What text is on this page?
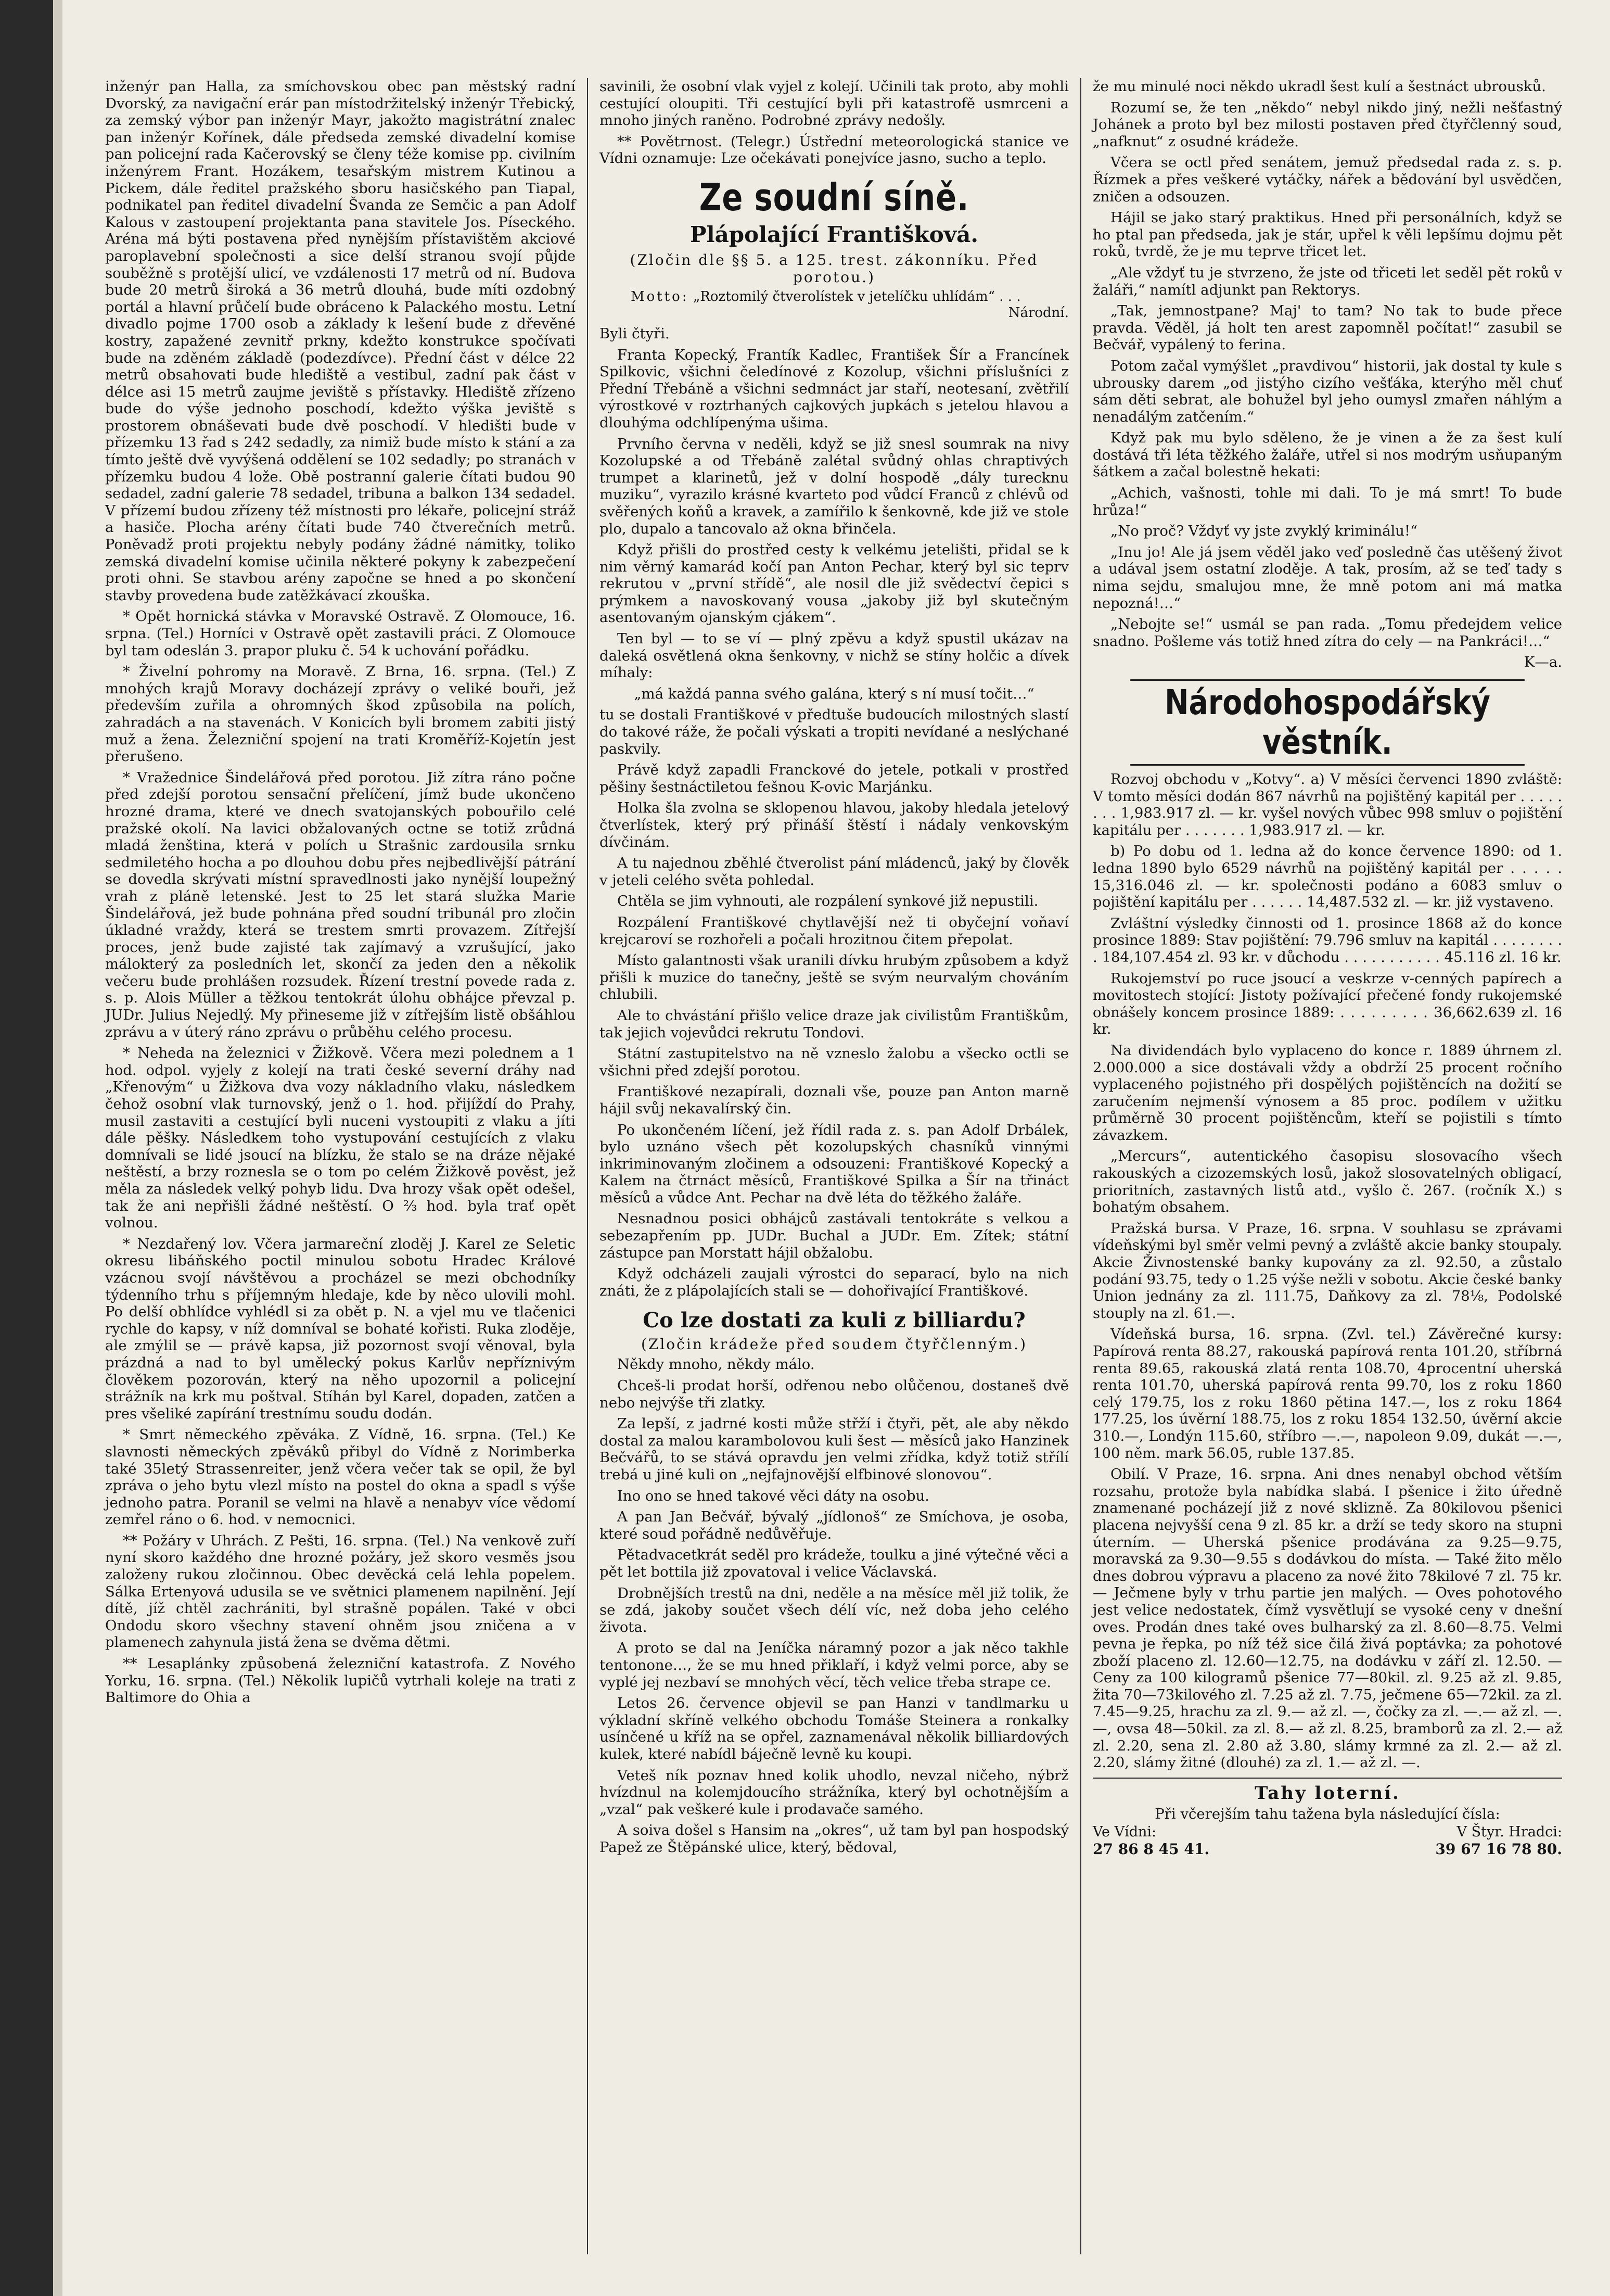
inženýr pan Halla, za smíchovskou obec pan městský radní Dvorský, za navigační erár pan místodržitelský inženýr Třebický, za zemský výbor pan inženýr Mayr, jakožto magistrátní znalec pan inženýr Kořínek, dále předseda zemské divadelní komise pan policejní rada Kačerovský se členy téže komise pp. civilním inženýrem Frant. Hozákem, tesařským mistrem Kutinou a Pickem, dále ředitel pražského sboru hasičského pan Tiapal, podnikatel pan ředitel divadelní Švanda ze Semčic a pan Adolf Kalous v zastoupení projektanta pana stavitele Jos. Píseckého. Aréna má býti postavena před nynějším přístavištěm akciové paroplavební společnosti a sice delší stranou svojí půjde souběžně s protější ulicí, ve vzdálenosti 17 metrů od ní. Budova bude 20 metrů široká a 36 metrů dlouhá, bude míti ozdobný portál a hlavní průčelí bude obráceno k Palackého mostu. Letní divadlo pojme 1700 osob a základy k lešení bude z dřevěné kostry, zapažené zevnitř prkny, kdežto konstrukce spočívati bude na zděném základě (podezdívce). Přední část v délce 22 metrů obsahovati bude hlediště a vestibul, zadní pak část v délce asi 15 metrů zaujme jeviště s přístavky. Hlediště zřízeno bude do výše jednoho poschodí, kdežto výška jeviště s prostorem obnáševati bude dvě poschodí. V hledišti bude v přízemku 13 řad s 242 sedadly, za nimiž bude místo k stání a za tímto ještě dvě vyvýšená oddělení se 102 sedadly; po stranách v přízemku budou 4 lože. Obě postranní galerie čítati budou 90 sedadel, zadní galerie 78 sedadel, tribuna a balkon 134 sedadel. V přízemí budou zřízeny též místnosti pro lékaře, policejní stráž a hasiče. Plocha arény čítati bude 740 čtverečních metrů. Poněvadž proti projektu nebyly podány žádné námitky, toliko zemská divadelní komise učinila některé pokyny k zabezpečení proti ohni. Se stavbou arény započne se hned a po skončení stavby provedena bude zatěžkávací zkouška.

* Opět hornická stávka v Moravské Ostravě. Z Olomouce, 16. srpna. (Tel.) Horníci v Ostravě opět zastavili práci. Z Olomouce byl tam odeslán 3. prapor pluku č. 54 k uchování pořádku.

* Živelní pohromy na Moravě. Z Brna, 16. srpna. (Tel.) Z mnohých krajů Moravy docházejí zprávy o veliké bouři, jež především zuřila a ohromných škod způsobila na polích, zahradách a na stavenách. V Konicích byli bromem zabiti jistý muž a žena. Železniční spojení na trati Kroměříž-Kojetín jest přerušeno.

* Vražednice Šindelářová před porotou. Již zítra ráno počne před zdejší porotou sensační přelíčení, jímž bude ukončeno hrozné drama, které ve dnech svatojanských pobouřilo celé pražské okolí. Na lavici obžalovaných octne se totiž zrůdná mladá ženština, která v polích u Strašnic zardousila srnku sedmiletého hocha a po dlouhou dobu přes nejbedlivější pátrání se dovedla skrývati místní spravedlnosti jako nynější loupežný vrah z pláně letenské. Jest to 25 let stará služka Marie Šindelářová, jež bude pohnána před soudní tribunál pro zločin úkladné vraždy, která se trestem smrti provazem. Zítřejší proces, jenž bude zajisté tak zajímavý a vzrušující, jako málokterý za posledních let, skončí za jeden den a několik večeru bude prohlášen rozsudek. Řízení trestní povede rada z. s. p. Alois Müller a těžkou tentokrát úlohu obhájce převzal p. JUDr. Julius Nejedlý. My přineseme již v zítřejším listě obšáhlou zprávu a v úterý ráno zprávu o průběhu celého procesu.

* Neheda na železnici v Žižkově. Včera mezi polednem a 1 hod. odpol. vyjely z kolejí na trati české severní dráhy nad „Křenovým“ u Žižkova dva vozy nákladního vlaku, následkem čehož osobní vlak turnovský, jenž o 1. hod. přijíždí do Prahy, musil zastaviti a cestující byli nuceni vystoupiti z vlaku a jíti dále pěšky. Následkem toho vystupování cestujících z vlaku domnívali se lidé jsoucí na blízku, že stalo se na dráze nějaké neštěstí, a brzy roznesla se o tom po celém Žižkově pověst, jež měla za následek velký pohyb lidu. Dva hrozy však opět odešel, tak že ani nepřišli žádné neštěstí. O ⅔ hod. byla trať opět volnou.

* Nezdařený lov. Včera jarmareční zloděj J. Karel ze Seletic okresu libáňského poctil minulou sobotu Hradec Králové vzácnou svojí návštěvou a procházel se mezi obchodníky týdenního trhu s příjemným hledaje, kde by něco ulovili mohl. Po delší obhlídce vyhlédl si za obět p. N. a vjel mu ve tlačenici rychle do kapsy, v níž domníval se bohaté kořisti. Ruka zloděje, ale zmýlil se — právě kapsa, již pozornost svojí věnoval, byla prázdná a nad to byl umělecký pokus Karlův nepříznivým člověkem pozorován, který na něho upozornil a policejní strážník na krk mu poštval. Stíhán byl Karel, dopaden, zatčen a pres všeliké zapírání trestnímu soudu dodán.

* Smrt německého zpěváka. Z Vídně, 16. srpna. (Tel.) Ke slavnosti německých zpěváků přibyl do Vídně z Norimberka také 35letý Strassenreiter, jenž včera večer tak se opil, že byl zpráva o jeho bytu vlezl místo na postel do okna a spadl s výše jednoho patra. Poranil se velmi na hlavě a nenabyv více vědomí zemřel ráno o 6. hod. v nemocnici.

** Požáry v Uhrách. Z Pešti, 16. srpna. (Tel.) Na venkově zuří nyní skoro každého dne hrozné požáry, jež skoro vesměs jsou založeny rukou zločinnou. Obec devěcká celá lehla popelem. Sálka Ertenyová udusila se ve světnici plamenem napilnění. Její dítě, jíž chtěl zachrániti, byl strašně popálen. Také v obci Ondodu skoro všechny stavení ohněm jsou zničena a v plamenech zahynula jistá žena se dvěma dětmi.

** Lesaplánky způsobená železniční katastrofa. Z Nového Yorku, 16. srpna. (Tel.) Několik lupičů vytrhali koleje na trati z Baltimore do Ohia a

savinili, že osobní vlak vyjel z kolejí. Učinili tak proto, aby mohli cestující oloupiti. Tři cestující byli při katastrofě usmrceni a mnoho jiných raněno. Podrobné zprávy nedošly.

** Povětrnost. (Telegr.) Ústřední meteorologická stanice ve Vídni oznamuje: Lze očekávati ponejvíce jasno, sucho a teplo.

Ze soudní síně.
Plápolající Františková.
(Zločin dle §§ 5. a 125. trest. zákonníku. Před porotou.)
Motto: „Roztomilý čtverolístek v jetelíčku uhlídám“ . . .
Národní.

Byli čtyři.

Franta Kopecký, Frantík Kadlec, František Šír a Francínek Spilkovic, všichni čeledínové z Kozolup, všichni příslušníci z Přední Třebáně a všichni sedmnáct jar staří, neotesaní, zvětřilí výrostkové v roztrhaných cajkových jupkách s jetelou hlavou a dlouhýma odchlípenýma ušima.

Prvního června v neděli, když se již snesl soumrak na nivy Kozolupské a od Třebáně zalétal svůdný ohlas chraptivých trumpet a klarinetů, jež v dolní hospodě „dály turecknu muziku“, vyrazilo krásné kvarteto pod vůdcí Franců z chlévů od svěřených koňů a kravek, a zamířilo k šenkovně, kde již ve stole plo, dupalo a tancovalo až okna břinčela.

Když přišli do prostřed cesty k velkému jetelišti, přidal se k nim věrný kamarád kočí pan Anton Pechar, který byl sic teprv rekrutou v „první střídě“, ale nosil dle již svědectví čepici s prýmkem a navoskovaný vousa „jakoby již byl skutečným asentovaným ojanským cjákem“.

Ten byl — to se ví — plný zpěvu a když spustil ukázav na daleká osvětlená okna šenkovny, v nichž se stíny holčic a dívek míhaly:

„má každá panna svého galána, který s ní musí točit…“

tu se dostali Františkové v předtuše budoucích milostných slastí do takové ráže, že počali výskati a tropiti nevídané a neslýchané paskvily.

Právě když zapadli Franckové do jetele, potkali v prostřed pěšiny šestnáctiletou fešnou K-ovic Marjánku.

Holka šla zvolna se sklopenou hlavou, jakoby hledala jetelový čtverlístek, který prý přináší štěstí i nádaly venkovským dívčinám.

A tu najednou zběhlé čtverolist pání mládenců, jaký by člověk v jeteli celého světa pohledal.

Chtěla se jim vyhnouti, ale rozpálení synkové již nepustili.

Rozpálení Františkové chytlavější než ti obyčejní voňaví krejcaroví se rozhořeli a počali hrozitnou čitem přepolat.

Místo galantnosti však uranili dívku hrubým způsobem a když přišli k muzice do tanečny, ještě se svým neurvalým chováním chlubili.

Ale to chvástání přišlo velice draze jak civilistům Františkům, tak jejich vojevůdci rekrutu Tondovi.

Státní zastupitelstvo na ně vzneslo žalobu a všecko octli se všichni před zdejší porotou.

Františkové nezapírali, doznali vše, pouze pan Anton marně hájil svůj nekavalírský čin.

Po ukončeném líčení, jež řídil rada z. s. pan Adolf Drbálek, bylo uznáno všech pět kozolupských chasníků vinnými inkriminovaným zločinem a odsouzeni: Františkové Kopecký a Kalem na čtrnáct měsíců, Františkové Spilka a Šír na třináct měsíců a vůdce Ant. Pechar na dvě léta do těžkého žaláře.

Nesnadnou posici obhájců zastávali tentokráte s velkou a sebezapřením pp. JUDr. Buchal a JUDr. Em. Zítek; státní zástupce pan Morstatt hájil obžalobu.

Když odcházeli zaujali výrostci do separací, bylo na nich znáti, že z plápolajících stali se — dohořivající Františkové.

Co lze dostati za kuli z billiardu?
(Zločin krádeže před soudem čtyřčlenným.)

Někdy mnoho, někdy málo.

Chceš-li prodat horší, odřenou nebo olůčenou, dostaneš dvě nebo nejvýše tři zlatky.

Za lepší, z jadrné kosti může střží i čtyři, pět, ale aby někdo dostal za malou karambolovou kuli šest — měsíců jako Hanzinek Bečvářů, to se stává opravdu jen velmi zřídka, když totiž střílí trebá u jiné kuli on „nejfajnovější elfbinové slonovou“.

Ino ono se hned takové věci dáty na osobu.

A pan Jan Bečvář, bývalý „jídlonoš“ ze Smíchova, je osoba, které soud pořádně nedůvěřuje.

Pětadvacetkrát seděl pro krádeže, toulku a jiné výtečné věci a pět let bottila již zpovatoval i velice Václavská.

Drobnějších trestů na dni, neděle a na měsíce měl již tolik, že se zdá, jakoby součet všech délí víc, než doba jeho celého života.

A proto se dal na Jeníčka náramný pozor a jak něco takhle tentonone…, že se mu hned přiklaří, i když velmi porce, aby se vyplé jej nezbaví se mnohých věcí, těch velice třeba strape ce.

Letos 26. července objevil se pan Hanzi v tandlmarku u výkladní skříně velkého obchodu Tomáše Steinera a ronkalky usínčené u kříž na se opřel, zaznamenával několik billiardových kulek, které nabídl báječně levně ku koupi.

Veteš ník poznav hned kolik uhodlo, nevzal ničeho, nýbrž hvízdnul na kolemjdoucího strážníka, který byl ochotnějším a „vzal“ pak veškeré kule i prodavače samého.

A soiva došel s Hansim na „okres“, už tam byl pan hospodský Papež ze Štěpánské ulice, který, bědoval,

že mu minulé noci někdo ukradl šest kulí a šestnáct ubrousků.

Rozumí se, že ten „někdo“ nebyl nikdo jiný, nežli nešťastný Johánek a proto byl bez milosti postaven před čtyřčlenný soud, „nafknut“ z osudné krádeže.

Včera se octl před senátem, jemuž předsedal rada z. s. p. Řízmek a přes veškeré vytáčky, nářek a bědování byl usvědčen, zničen a odsouzen.

Hájil se jako starý praktikus. Hned při personálních, když se ho ptal pan předseda, jak je stár, upřel k věli lepšímu dojmu pět roků, tvrdě, že je mu teprve třicet let.

„Ale vždyť tu je stvrzeno, že jste od třiceti let seděl pět roků v žaláři,“ namítl adjunkt pan Rektorys.

„Tak, jemnostpane? Maj' to tam? No tak to bude přece pravda. Věděl, já holt ten arest zapomněl počítat!“ zasubil se Bečvář, vypálený to ferina.

Potom začal vymýšlet „pravdivou“ historii, jak dostal ty kule s ubrousky darem „od jistýho cizího vešťáka, kterýho měl chuť sám děti sebrat, ale bohužel byl jeho oumysl zmařen náhlým a nenadálým zatčením.“

Když pak mu bylo sděleno, že je vinen a že za šest kulí dostává tři léta těžkého žaláře, utřel si nos modrým usňupaným šátkem a začal bolestně hekati:

„Achich, vašnosti, tohle mi dali. To je má smrt! To bude hrůza!“

„No proč? Vždyť vy jste zvyklý kriminálu!“

„Inu jo! Ale já jsem věděl jako veď posledně čas utěšený život a udával jsem ostatní zloděje. A tak, prosím, až se teď tady s nima sejdu, smalujou mne, že mně potom ani má matka nepozná!…“

„Nebojte se!“ usmál se pan rada. „Tomu předejdem velice snadno. Pošleme vás totiž hned zítra do cely — na Pankráci!…“

K—a.

Národohospodářský věstník.

Rozvoj obchodu v „Kotvy“. a) V měsíci červenci 1890 zvláště: V tomto měsíci dodán 867 návrhů na pojištěný kapitál per . . . . . . . . 1,983.917 zl. — kr. vyšel nových vůbec 998 smluv o pojištění kapitálu per . . . . . . . 1,983.917 zl. — kr.

b) Po dobu od 1. ledna až do konce července 1890: od 1. ledna 1890 bylo 6529 návrhů na pojištěný kapitál per . . . . . 15,316.046 zl. — kr. společnosti podáno a 6083 smluv o pojištění kapitálu per . . . . . . 14,487.532 zl. — kr. již vystaveno.

Zvláštní výsledky činnosti od 1. prosince 1868 až do konce prosince 1889: Stav pojištění: 79.796 smluv na kapitál . . . . . . . . . 184,107.454 zl. 93 kr. v důchodu . . . . . . . . . . . 45.116 zl. 16 kr.

Rukojemství po ruce jsoucí a veskrze v-cenných papírech a movitostech stojící: Jistoty požívající přečené fondy rukojemské obnášely koncem prosince 1889: . . . . . . . . . 36,662.639 zl. 16 kr.

Na dividendách bylo vyplaceno do konce r. 1889 úhrnem zl. 2.000.000 a sice dostávali vždy a obdrží 25 procent ročního vyplaceného pojistného při dospělých pojištěncích na dožití se zaručením nejmenší výnosem a 85 proc. podílem v užitku průměrně 30 procent pojištěncům, kteří se pojistili s tímto závazkem.

„Mercurs“, autentického časopisu slosovacího všech rakouských a cizozemských losů, jakož slosovatelných obligací, prioritních, zastavných listů atd., vyšlo č. 267. (ročník X.) s bohatým obsahem.

Pražská bursa. V Praze, 16. srpna. V souhlasu se zprávami vídeňskými byl směr velmi pevný a zvláště akcie banky stoupaly. Akcie Živnostenské banky kupovány za zl. 92.50, a zůstalo podání 93.75, tedy o 1.25 výše nežli v sobotu. Akcie české banky Union jednány za zl. 111.75, Daňkovy za zl. 78⅛, Podolské stouply na zl. 61.—.

Vídeňská bursa, 16. srpna. (Zvl. tel.) Závěrečné kursy: Papírová renta 88.27, rakouská papírová renta 101.20, stříbrná renta 89.65, rakouská zlatá renta 108.70, 4procentní uherská renta 101.70, uherská papírová renta 99.70, los z roku 1860 celý 179.75, los z roku 1860 pětina 147.—, los z roku 1864 177.25, los úvěrní 188.75, los z roku 1854 132.50, úvěrní akcie 310.—, Londýn 115.60, stříbro —.—, napoleon 9.09, dukát —.—, 100 něm. mark 56.05, ruble 137.85.

Obilí. V Praze, 16. srpna. Ani dnes nenabyl obchod větším rozsahu, protože byla nabídka slabá. I pšenice i žito úředně znamenané pocházejí již z nové sklizně. Za 80kilovou pšenici placena nejvyšší cena 9 zl. 85 kr. a drží se tedy skoro na stupni úterním. — Uherská pšenice prodávána za 9.25—9.75, moravská za 9.30—9.55 s dodávkou do místa. — Také žito mělo dnes dobrou výpravu a placeno za nové žito 78kilové 7 zl. 75 kr. — Ječmene byly v trhu partie jen malých. — Oves pohotového jest velice nedostatek, čímž vysvětlují se vysoké ceny v dnešní oves. Prodán dnes také oves bulharský za zl. 8.60—8.75. Velmi pevna je řepka, po níž též sice čilá živá poptávka; za pohotové zboží placeno zl. 12.60—12.75, na dodávku v září zl. 12.50. — Ceny za 100 kilogramů pšenice 77—80kil. zl. 9.25 až zl. 9.85, žita 70—73kilového zl. 7.25 až zl. 7.75, ječmene 65—72kil. za zl. 7.45—9.25, hrachu za zl. 9.— až zl. —, čočky za zl. —.— až zl. —.—, ovsa 48—50kil. za zl. 8.— až zl. 8.25, bramborů za zl. 2.— až zl. 2.20, sena zl. 2.80 až 3.80, slámy krmné za zl. 2.— až zl. 2.20, slámy žitné (dlouhé) za zl. 1.— až zl. —.

Tahy loterní.

Při včerejším tahu tažena byla následující čísla:

Ve Vídni:	V Štyr. Hradci:
27 86 8 45 41.	39 67 16 78 80.
